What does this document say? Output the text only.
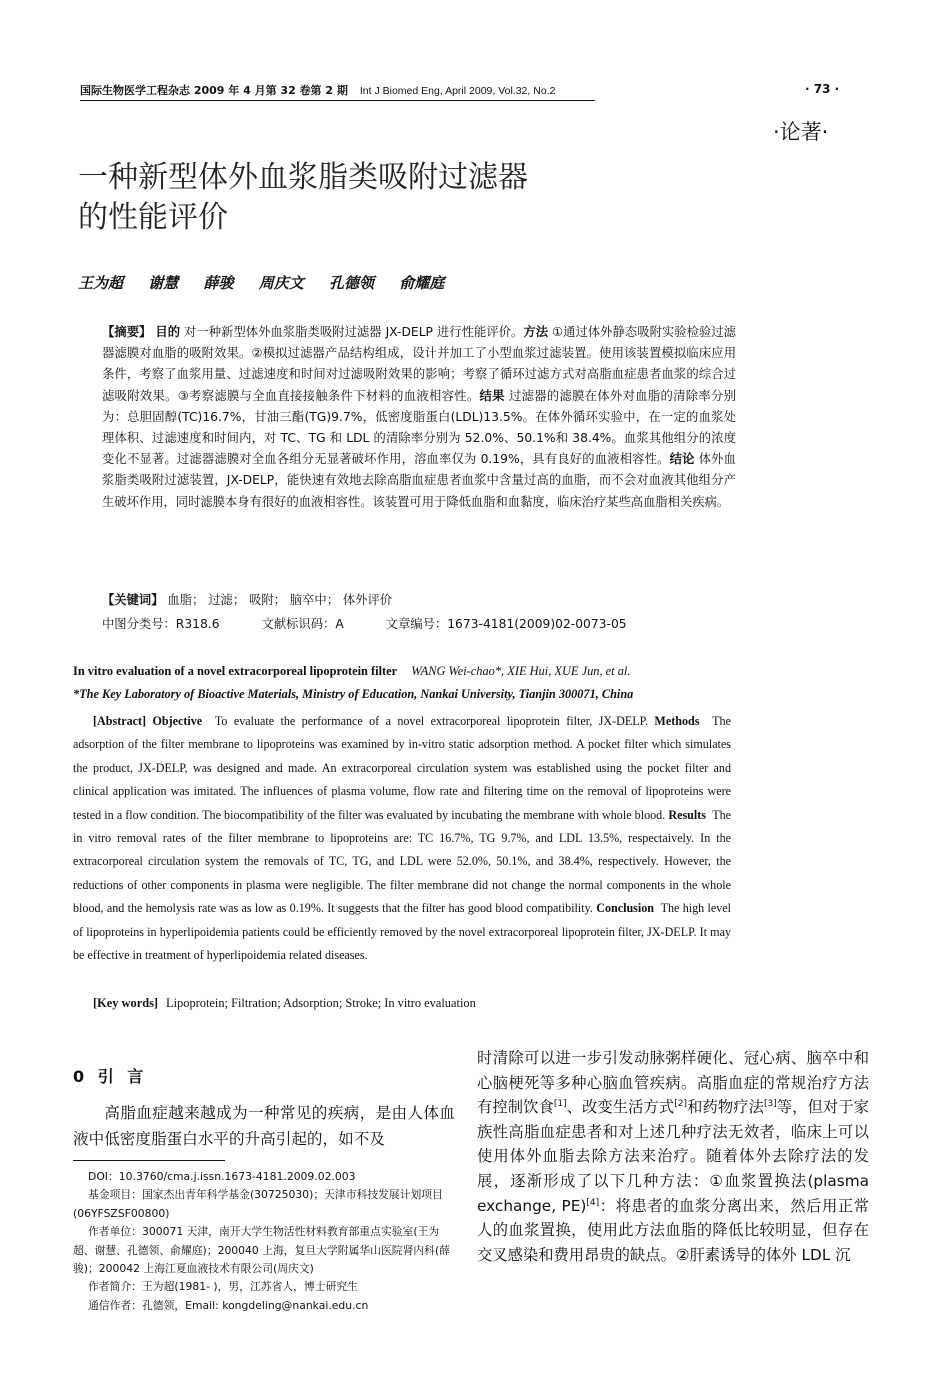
国际生物医学工程杂志 2009 年 4 月第 32 卷第 2 期 Int J Biomed Eng, April 2009, Vol.32, No.2	· 73 ·
·论著·
一种新型体外血浆脂类吸附过滤器
的性能评价
王为超 谢慧 薛骏 周庆文 孔德领 俞耀庭
【摘要】 目的 对一种新型体外血浆脂类吸附过滤器 JX-DELP 进行性能评价。方法 ①通过体外静态吸附实验检验过滤器滤膜对血脂的吸附效果。②模拟过滤器产品结构组成，设计并加工了小型血浆过滤装置。使用该装置模拟临床应用条件，考察了血浆用量、过滤速度和时间对过滤吸附效果的影响；考察了循环过滤方式对高脂血症患者血浆的综合过滤吸附效果。③考察滤膜与全血直接接触条件下材料的血液相容性。结果 过滤器的滤膜在体外对血脂的清除率分别为：总胆固醇(TC)16.7%，甘油三酯(TG)9.7%，低密度脂蛋白(LDL)13.5%。在体外循环实验中，在一定的血浆处理体积、过滤速度和时间内，对 TC、TG 和 LDL 的清除率分别为 52.0%、50.1%和 38.4%。血浆其他组分的浓度变化不显著。过滤器滤膜对全血各组分无显著破坏作用，溶血率仅为 0.19%，具有良好的血液相容性。结论 体外血浆脂类吸附过滤装置，JX-DELP，能快速有效地去除高脂血症患者血浆中含量过高的血脂，而不会对血液其他组分产生破坏作用，同时滤膜本身有很好的血液相容性。该装置可用于降低血脂和血黏度，临床治疗某些高血脂相关疾病。
【关键词】 血脂； 过滤； 吸附； 脑卒中； 体外评价
中图分类号：R318.6	文献标识码：A	文章编号：1673-4181(2009)02-0073-05
In vitro evaluation of a novel extracorporeal lipoprotein filter WANG Wei-chao*, XIE Hui, XUE Jun, et al.
*The Key Laboratory of Bioactive Materials, Ministry of Education, Nankai University, Tianjin 300071, China
[Abstract] Objective To evaluate the performance of a novel extracorporeal lipoprotein filter, JX-DELP. Methods The adsorption of the filter membrane to lipoproteins was examined by in-vitro static adsorption method. A pocket filter which simulates the product, JX-DELP, was designed and made. An extracorporeal circulation system was established using the pocket filter and clinical application was imitated. The influences of plasma volume, flow rate and filtering time on the removal of lipoproteins were tested in a flow condition. The biocompatibility of the filter was evaluated by incubating the membrane with whole blood. Results The in vitro removal rates of the filter membrane to lipoproteins are: TC 16.7%, TG 9.7%, and LDL 13.5%, respectaively. In the extracorporeal circulation system the removals of TC, TG, and LDL were 52.0%, 50.1%, and 38.4%, respectively. However, the reductions of other components in plasma were negligible. The filter membrane did not change the normal components in the whole blood, and the hemolysis rate was as low as 0.19%. It suggests that the filter has good blood compatibility. Conclusion The high level of lipoproteins in hyperlipoidemia patients could be efficiently removed by the novel extracorporeal lipoprotein filter, JX-DELP. It may be effective in treatment of hyperlipoidemia related diseases.
[Key words] Lipoprotein; Filtration; Adsorption; Stroke; In vitro evaluation
0 引 言
高脂血症越来越成为一种常见的疾病，是由人体血液中低密度脂蛋白水平的升高引起的，如不及
DOI：10.3760/cma.j.issn.1673-4181.2009.02.003
基金项目：国家杰出青年科学基金(30725030)；天津市科技发展计划项目(06YFSZSF00800)
作者单位：300071 天津，南开大学生物活性材料教育部重点实验室(王为超、谢慧、孔德领、俞耀庭)；200040 上海，复旦大学附属华山医院肾内科(薛骏)；200042 上海江夏血液技术有限公司(周庆文)
作者简介：王为超(1981- )，男，江苏省人，博士研究生
通信作者：孔德领，Email: kongdeling@nankai.edu.cn
时清除可以进一步引发动脉粥样硬化、冠心病、脑卒中和心脑梗死等多种心脑血管疾病。高脂血症的常规治疗方法有控制饮食[1]、改变生活方式[2]和药物疗法[3]等，但对于家族性高脂血症患者和对上述几种疗法无效者，临床上可以使用体外血脂去除方法来治疗。随着体外去除疗法的发展，逐渐形成了以下几种方法：①血浆置换法(plasma exchange, PE)[4]：将患者的血浆分离出来，然后用正常人的血浆置换，使用此方法血脂的降低比较明显，但存在交叉感染和费用昂贵的缺点。②肝素诱导的体外 LDL 沉
